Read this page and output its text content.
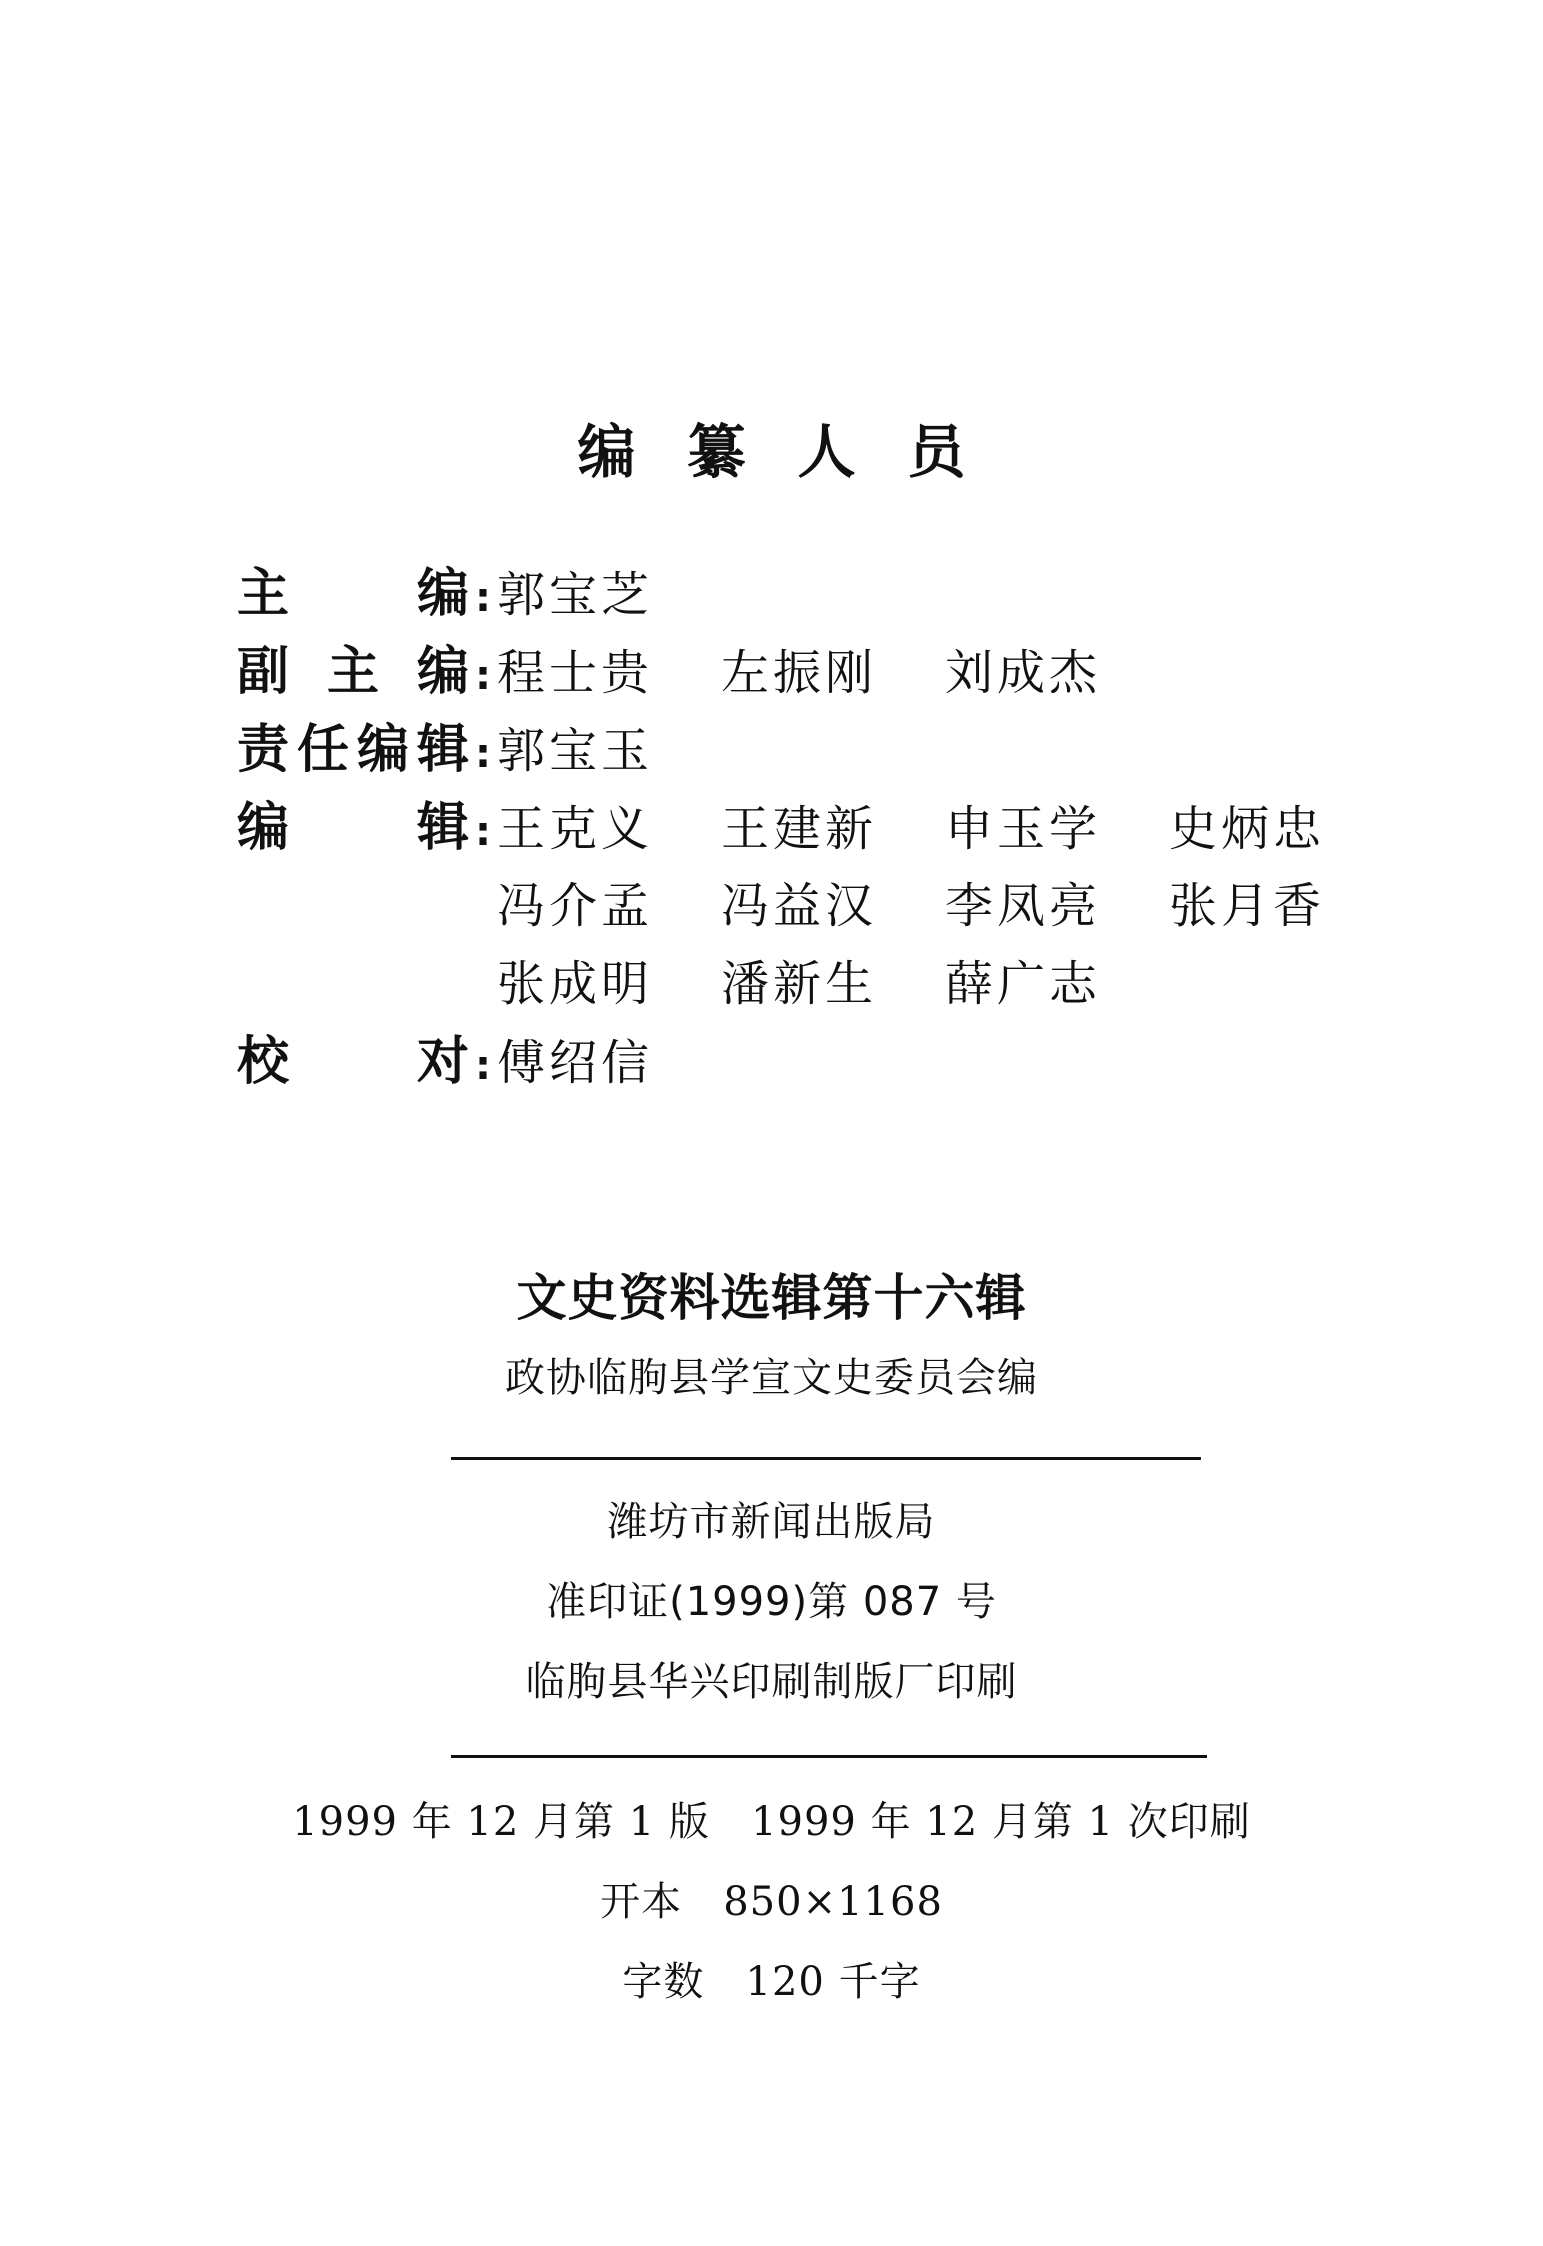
编纂人员
主 编 : 郭宝芝
副 主 编 : 程士贵	左振刚	刘成杰
责 任 编 辑 : 郭宝玉
编 辑 : 王克义	王建新	申玉学	史炳忠
冯介孟	冯益汉	李凤亮	张月香
张成明	潘新生	薛广志
校 对 : 傅绍信
文史资料选辑第十六辑
政协临朐县学宣文史委员会编
潍坊市新闻出版局
准印证(1999)第 087 号
临朐县华兴印刷制版厂印刷
1999 年 12 月第 1 版   1999 年 12 月第 1 次印刷
开本   850×1168
字数   120 千字
